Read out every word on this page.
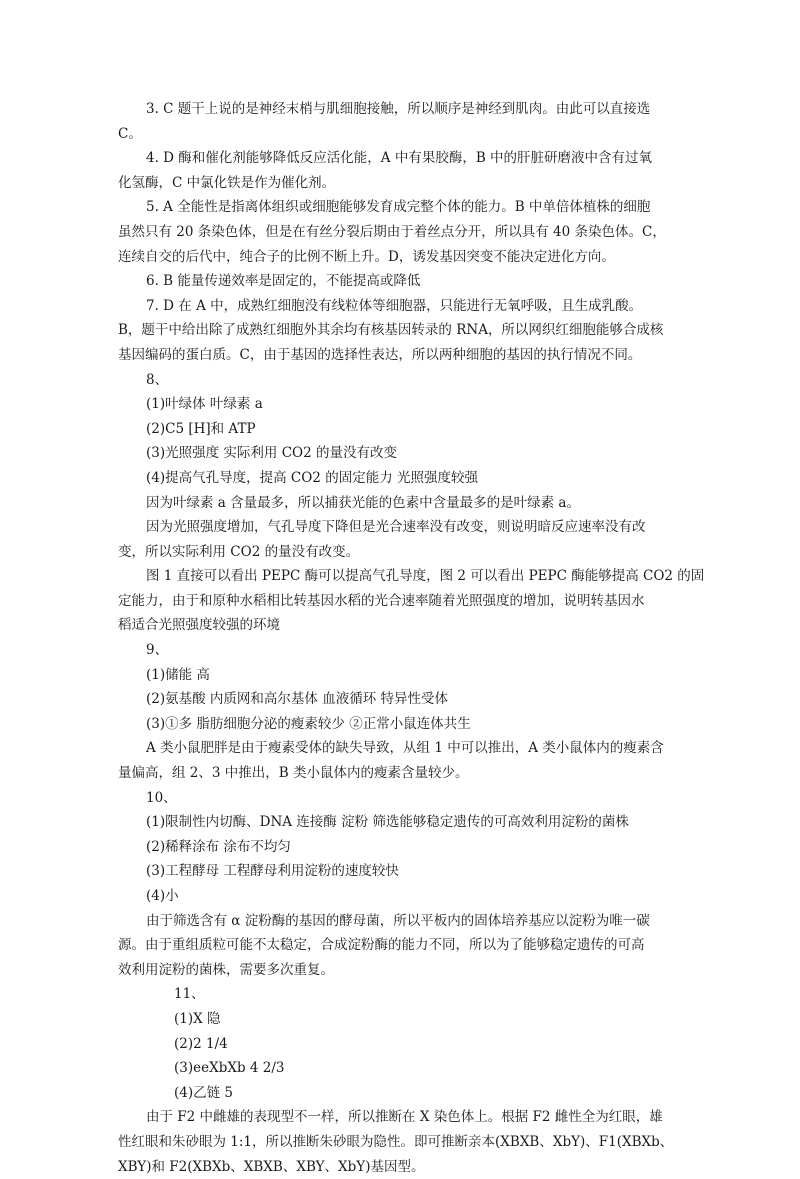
3. C 题干上说的是神经末梢与肌细胞接触，所以顺序是神经到肌肉。由此可以直接选
C。
4. D 酶和催化剂能够降低反应活化能，A 中有果胶酶，B 中的肝脏研磨液中含有过氧
化氢酶，C 中氯化铁是作为催化剂。
5. A 全能性是指离体组织或细胞能够发育成完整个体的能力。B 中单倍体植株的细胞
虽然只有 20 条染色体，但是在有丝分裂后期由于着丝点分开，所以具有 40 条染色体。C，
连续自交的后代中，纯合子的比例不断上升。D，诱发基因突变不能决定进化方向。
6. B 能量传递效率是固定的，不能提高或降低
7. D 在 A 中，成熟红细胞没有线粒体等细胞器，只能进行无氧呼吸，且生成乳酸。
B，题干中给出除了成熟红细胞外其余均有核基因转录的 RNA，所以网织红细胞能够合成核
基因编码的蛋白质。C，由于基因的选择性表达，所以两种细胞的基因的执行情况不同。
8、
(1)叶绿体 叶绿素 a
(2)C5 [H]和 ATP
(3)光照强度 实际利用 CO2 的量没有改变
(4)提高气孔导度，提高 CO2 的固定能力 光照强度较强
因为叶绿素 a 含量最多，所以捕获光能的色素中含量最多的是叶绿素 a。
因为光照强度增加，气孔导度下降但是光合速率没有改变，则说明暗反应速率没有改
变，所以实际利用 CO2 的量没有改变。
图 1 直接可以看出 PEPC 酶可以提高气孔导度，图 2 可以看出 PEPC 酶能够提高 CO2 的固
定能力，由于和原种水稻相比转基因水稻的光合速率随着光照强度的增加，说明转基因水
稻适合光照强度较强的环境
9、
(1)储能 高
(2)氨基酸 内质网和高尔基体 血液循环 特异性受体
(3)①多 脂肪细胞分泌的瘦素较少 ②正常小鼠连体共生
A 类小鼠肥胖是由于瘦素受体的缺失导致，从组 1 中可以推出，A 类小鼠体内的瘦素含
量偏高，组 2、3 中推出，B 类小鼠体内的瘦素含量较少。
10、
(1)限制性内切酶、DNA 连接酶 淀粉 筛选能够稳定遗传的可高效利用淀粉的菌株
(2)稀释涂布 涂布不均匀
(3)工程酵母 工程酵母利用淀粉的速度较快
(4)小
由于筛选含有 α 淀粉酶的基因的酵母菌，所以平板内的固体培养基应以淀粉为唯一碳
源。由于重组质粒可能不太稳定，合成淀粉酶的能力不同，所以为了能够稳定遗传的可高
效利用淀粉的菌株，需要多次重复。
11、
(1)X 隐
(2)2 1/4
(3)eeXbXb 4 2/3
(4)乙链 5
由于 F2 中雌雄的表现型不一样，所以推断在 X 染色体上。根据 F2 雌性全为红眼，雄
性红眼和朱砂眼为 1:1，所以推断朱砂眼为隐性。即可推断亲本(XBXB、XbY)、F1(XBXb、
XBY)和 F2(XBXb、XBXB、XBY、XbY)基因型。
